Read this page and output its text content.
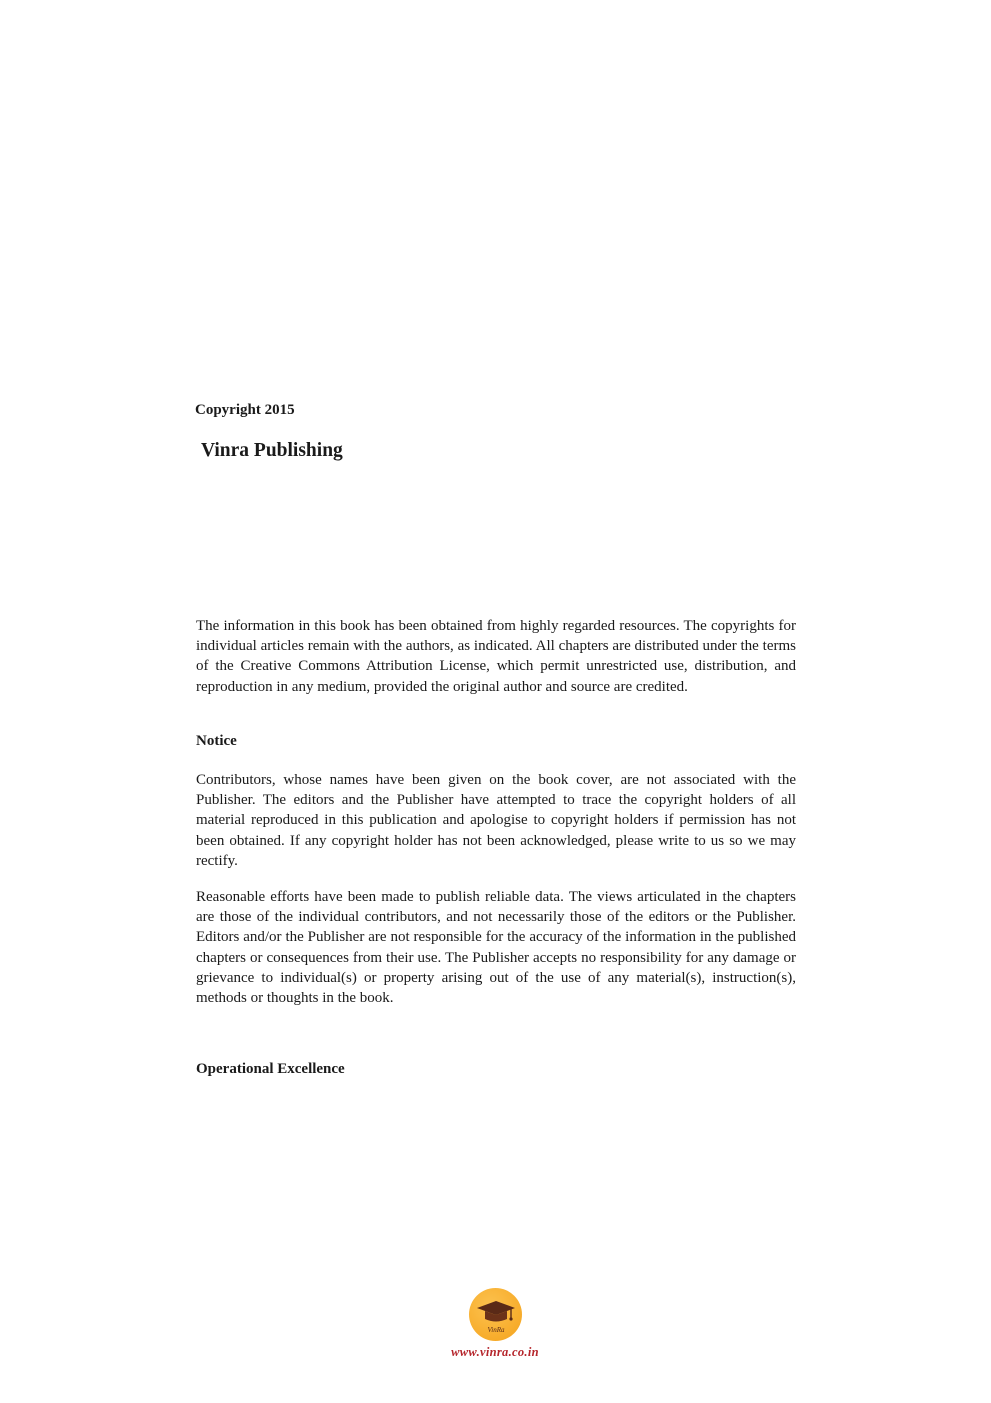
Copyright 2015

Vinra Publishing

The information in this book has been obtained from highly regarded resources. The copyrights for individual articles remain with the authors, as indicated. All chapters are distributed under the terms of the Creative Commons Attribution License, which permit unrestricted use, distribution, and reproduction in any medium, provided the original author and source are credited.

Notice

Contributors, whose names have been given on the book cover, are not associated with the Publisher. The editors and the Publisher have attempted to trace the copyright holders of all material reproduced in this publication and apologise to copyright holders if permission has not been obtained. If any copyright holder has not been acknowledged, please write to us so we may rectify.

Reasonable efforts have been made to publish reliable data. The views articulated in the chapters are those of the individual contributors, and not necessarily those of the editors or the Publisher. Editors and/or the Publisher are not responsible for the accuracy of the information in the published chapters or consequences from their use. The Publisher accepts no responsibility for any damage or grievance to individual(s) or property arising out of the use of any material(s), instruction(s), methods or thoughts in the book.

Operational Excellence

VinRa

www.vinra.co.in
